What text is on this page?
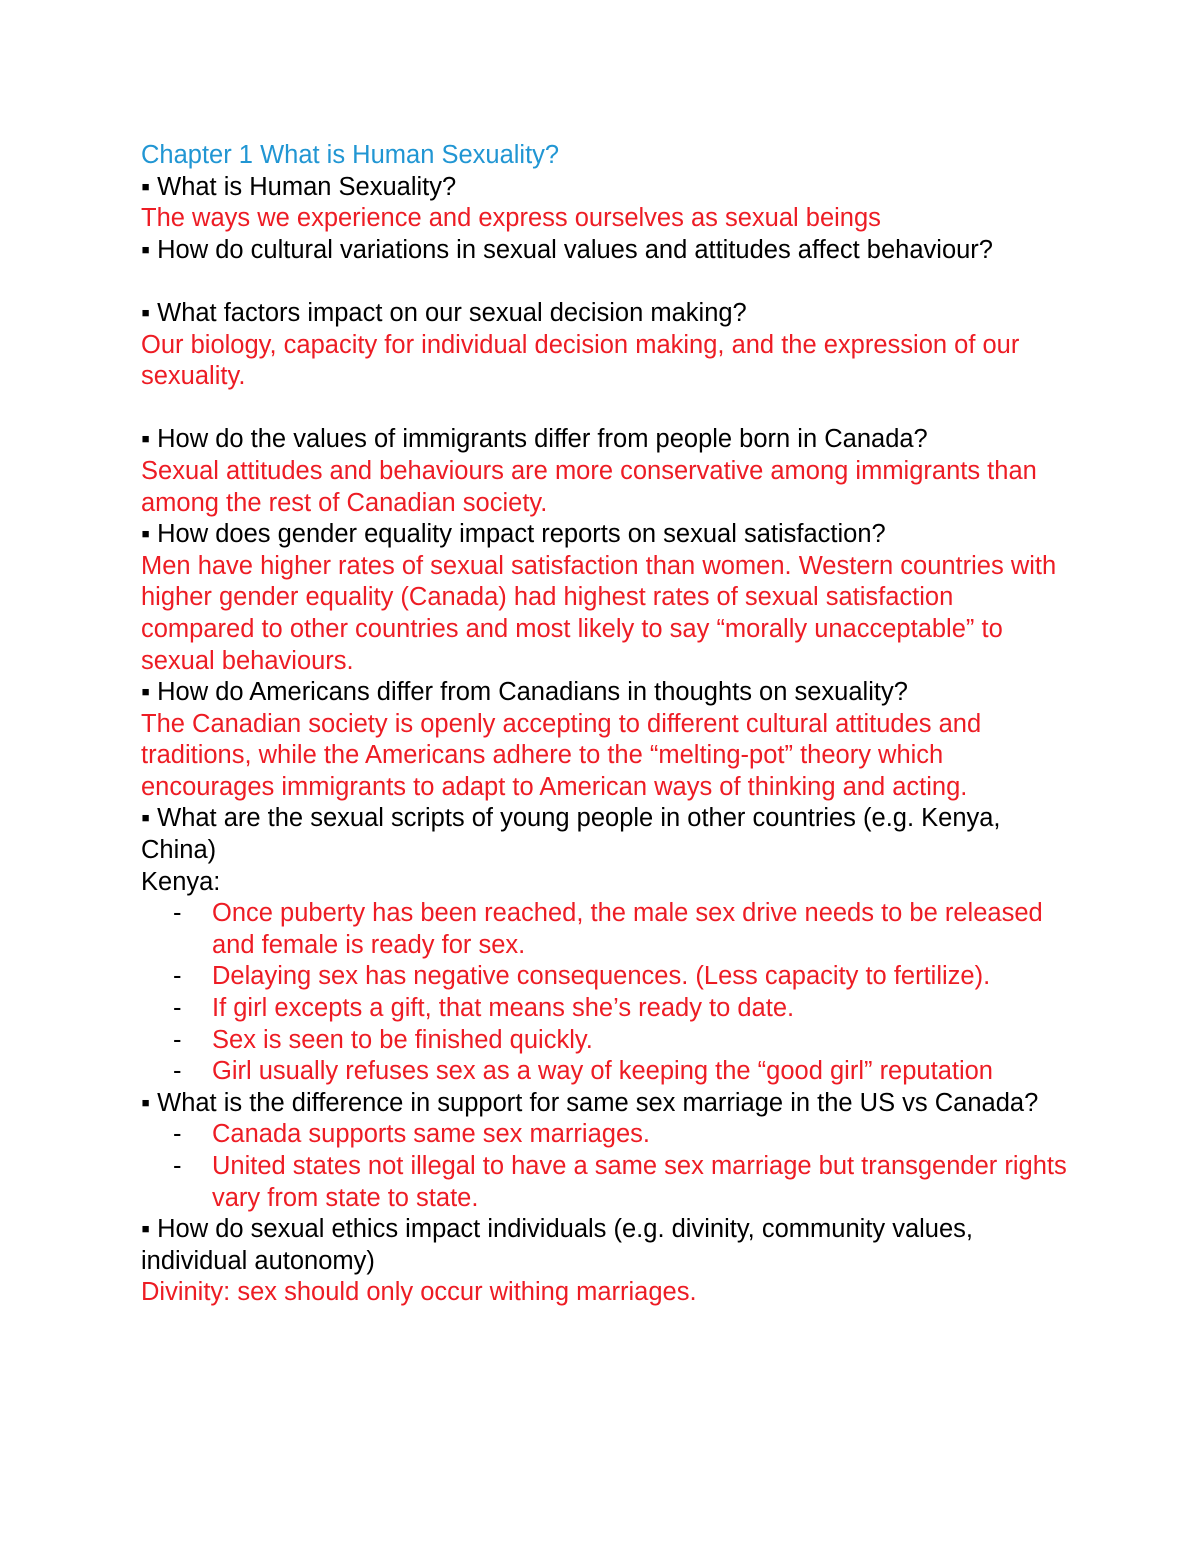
Chapter 1 What is Human Sexuality?
▪ What is Human Sexuality?
The ways we experience and express ourselves as sexual beings
▪ How do cultural variations in sexual values and attitudes affect behaviour?
▪ What factors impact on our sexual decision making?
Our biology, capacity for individual decision making, and the expression of our sexuality.
▪ How do the values of immigrants differ from people born in Canada?
Sexual attitudes and behaviours are more conservative among immigrants than among the rest of Canadian society.
▪ How does gender equality impact reports on sexual satisfaction?
Men have higher rates of sexual satisfaction than women. Western countries with higher gender equality (Canada) had highest rates of sexual satisfaction compared to other countries and most likely to say “morally unacceptable” to sexual behaviours.
▪ How do Americans differ from Canadians in thoughts on sexuality?
The Canadian society is openly accepting to different cultural attitudes and traditions, while the Americans adhere to the “melting-pot” theory which encourages immigrants to adapt to American ways of thinking and acting.
▪ What are the sexual scripts of young people in other countries (e.g. Kenya, China)
Kenya:
- Once puberty has been reached, the male sex drive needs to be released and female is ready for sex.
- Delaying sex has negative consequences. (Less capacity to fertilize).
- If girl excepts a gift, that means she’s ready to date.
- Sex is seen to be finished quickly.
- Girl usually refuses sex as a way of keeping the “good girl” reputation
▪ What is the difference in support for same sex marriage in the US vs Canada?
- Canada supports same sex marriages.
- United states not illegal to have a same sex marriage but transgender rights vary from state to state.
▪ How do sexual ethics impact individuals (e.g. divinity, community values, individual autonomy)
Divinity: sex should only occur withing marriages.
